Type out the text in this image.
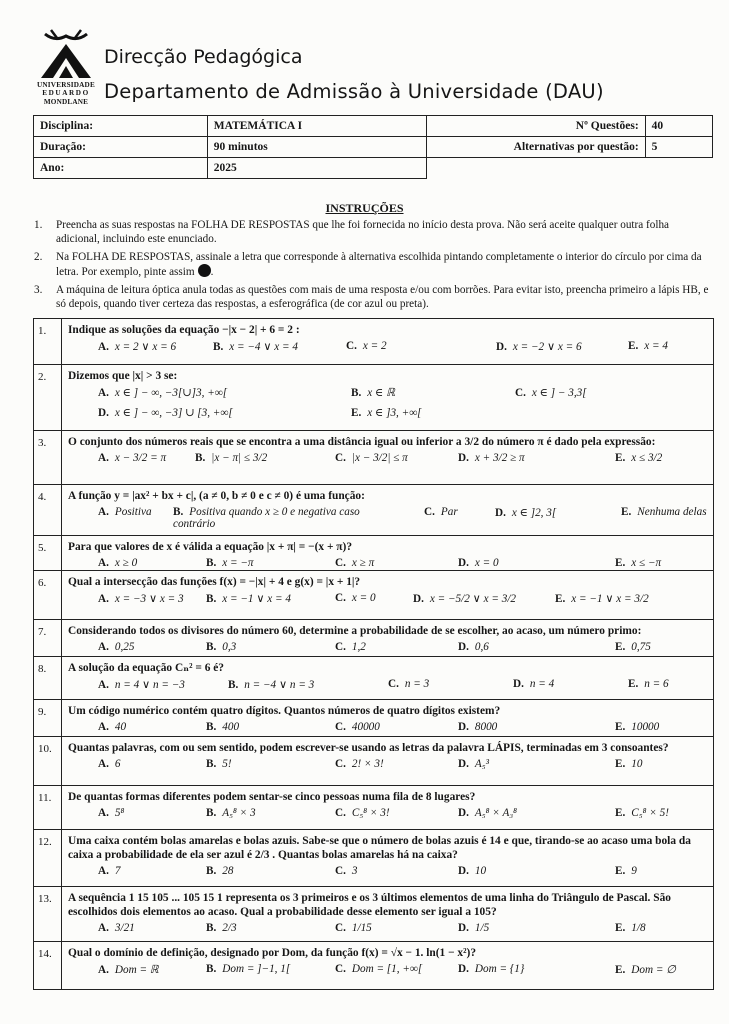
UNIVERSIDADE
EDUARDO
MONDLANE
Direcção Pedagógica
Departamento de Admissão à Universidade (DAU)
Disciplina:	MATEMÁTICA I	Nº Questões:	40
Duração:	90 minutos	Alternativas por questão:	5
Ano:	2025		
INSTRUÇÕES
1. Preencha as suas respostas na FOLHA DE RESPOSTAS que lhe foi fornecida no início desta prova. Não será aceite qualquer outra folha adicional, incluindo este enunciado.
2. Na FOLHA DE RESPOSTAS, assinale a letra que corresponde à alternativa escolhida pintando completamente o interior do círculo por cima da letra. Por exemplo, pinte assim .
3. A máquina de leitura óptica anula todas as questões com mais de uma resposta e/ou com borrões. Para evitar isto, preencha primeiro a lápis HB, e só depois, quando tiver certeza das respostas, a esferográfica (de cor azul ou preta).
1.	Indique as soluções da equação −|x − 2| + 6 = 2 :
A. x = 2 ∨ x = 6	B. x = −4 ∨ x = 4	C. x = 2	D. x = −2 ∨ x = 6	E. x = 4
2.	Dizemos que |x| > 3 se:
A. x ∈ ] − ∞, −3[∪]3, +∞[	B. x ∈ ℝ	C. x ∈ ] − 3,3[
D. x ∈ ] − ∞, −3] ∪ [3, +∞[	E. x ∈ ]3, +∞[
3.	O conjunto dos números reais que se encontra a uma distância igual ou inferior a 3/2 do número π é dado pela expressão:
A. x − 3/2 = π	B. |x − π| ≤ 3/2	C. |x − 3/2| ≤ π	D. x + 3/2 ≥ π	E. x ≤ 3/2
4.	A função y = |ax² + bx + c|, (a ≠ 0, b ≠ 0 e c ≠ 0) é uma função:
A. Positiva B. Positiva quando x ≥ 0 e negativa caso contrário
C. Par	D. x ∈ ]2, 3[	E. Nenhuma delas
5.	Para que valores de x é válida a equação |x + π| = −(x + π)?
A. x ≥ 0	B. x = −π	C. x ≥ π	D. x = 0	E. x ≤ −π
6.	Qual a intersecção das funções f(x) = −|x| + 4 e g(x) = |x + 1|?
A. x = −3 ∨ x = 3 B. x = −1 ∨ x = 4	C. x = 0	D. x = −5/2 ∨ x = 3/2	E. x = −1 ∨ x = 3/2
7.	Considerando todos os divisores do número 60, determine a probabilidade de se escolher, ao acaso, um número primo:
A. 0,25	B. 0,3	C. 1,2	D. 0,6	E. 0,75
8.	A solução da equação Cₙ² = 6 é?
A. n = 4 ∨ n = −3	B. n = −4 ∨ n = 3	C. n = 3	D. n = 4	E. n = 6
9.	Um código numérico contém quatro dígitos. Quantos números de quatro dígitos existem?
A. 40	B. 400	C. 40000	D. 8000	E. 10000
10.	Quantas palavras, com ou sem sentido, podem escrever-se usando as letras da palavra LÁPIS, terminadas em 3 consoantes?
A. 6	B. 5!	C. 2! × 3!	D. A₅³	E. 10
11.	De quantas formas diferentes podem sentar-se cinco pessoas numa fila de 8 lugares?
A. 5⁸	B. A₅⁸ × 3	C. C₅⁸ × 3!	D. A₅⁸ × A₃⁸	E. C₅⁸ × 5!
12.	Uma caixa contém bolas amarelas e bolas azuis. Sabe-se que o número de bolas azuis é 14 e que, tirando-se ao acaso uma bola da caixa a probabilidade de ela ser azul é 2/3 . Quantas bolas amarelas há na caixa?
A. 7	B. 28	C. 3	D. 10	E. 9
13.	A sequência 1 15 105 ... 105 15 1 representa os 3 primeiros e os 3 últimos elementos de uma linha do Triângulo de Pascal. São escolhidos dois elementos ao acaso. Qual a probabilidade desse elemento ser igual a 105?
A. 3/21	B. 2/3	C. 1/15	D. 1/5	E. 1/8
14.	Qual o domínio de definição, designado por Dom, da função f(x) = √x − 1. ln(1 − x²)?
A. Dom = ℝ	B. Dom = ]−1, 1[	C. Dom = [1, +∞[	D. Dom = {1}	E. Dom = ∅
